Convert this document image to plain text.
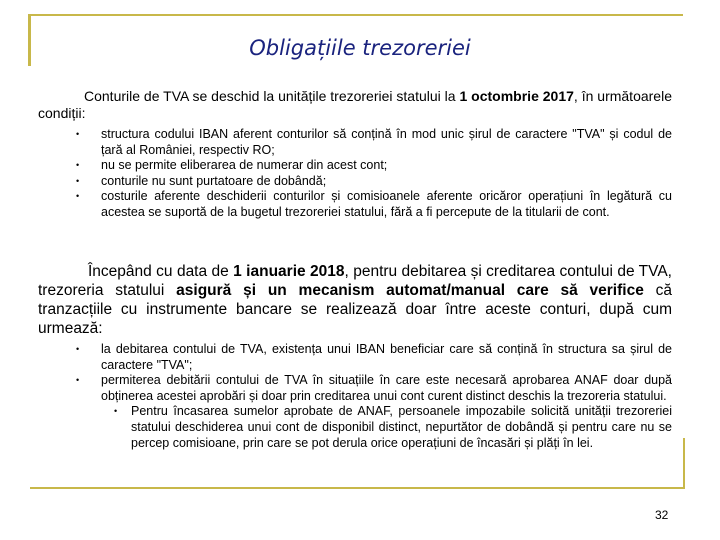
Obligațiile trezoreriei
Conturile de TVA se deschid la unitățile trezoreriei statului la 1 octombrie 2017, în următoarele condiții:
• structura codului IBAN aferent conturilor să conțină în mod unic șirul de caractere "TVA" și codul de țară al României, respectiv RO;
• nu se permite eliberarea de numerar din acest cont;
• conturile nu sunt purtatoare de dobândă;
• costurile aferente deschiderii conturilor și comisioanele aferente oricăror operațiuni în legătură cu acestea se suportă de la bugetul trezoreriei statului, fără a fi percepute de la titularii de cont.
Începând cu data de 1 ianuarie 2018, pentru debitarea și creditarea contului de TVA, trezoreria statului asigură și un mecanism automat/manual care să verifice că tranzacțiile cu instrumente bancare se realizează doar între aceste conturi, după cum urmează:
• la debitarea contului de TVA, existența unui IBAN beneficiar care să conțină în structura sa șirul de caractere "TVA";
• permiterea debitării contului de TVA în situațiile în care este necesară aprobarea ANAF doar după obținerea acestei aprobări și doar prin creditarea unui cont curent distinct deschis la trezoreria statului.
• Pentru încasarea sumelor aprobate de ANAF, persoanele impozabile solicită unității trezoreriei statului deschiderea unui cont de disponibil distinct, nepurtător de dobândă și pentru care nu se percep comisioane, prin care se pot derula orice operațiuni de încasări și plăți în lei.
32
